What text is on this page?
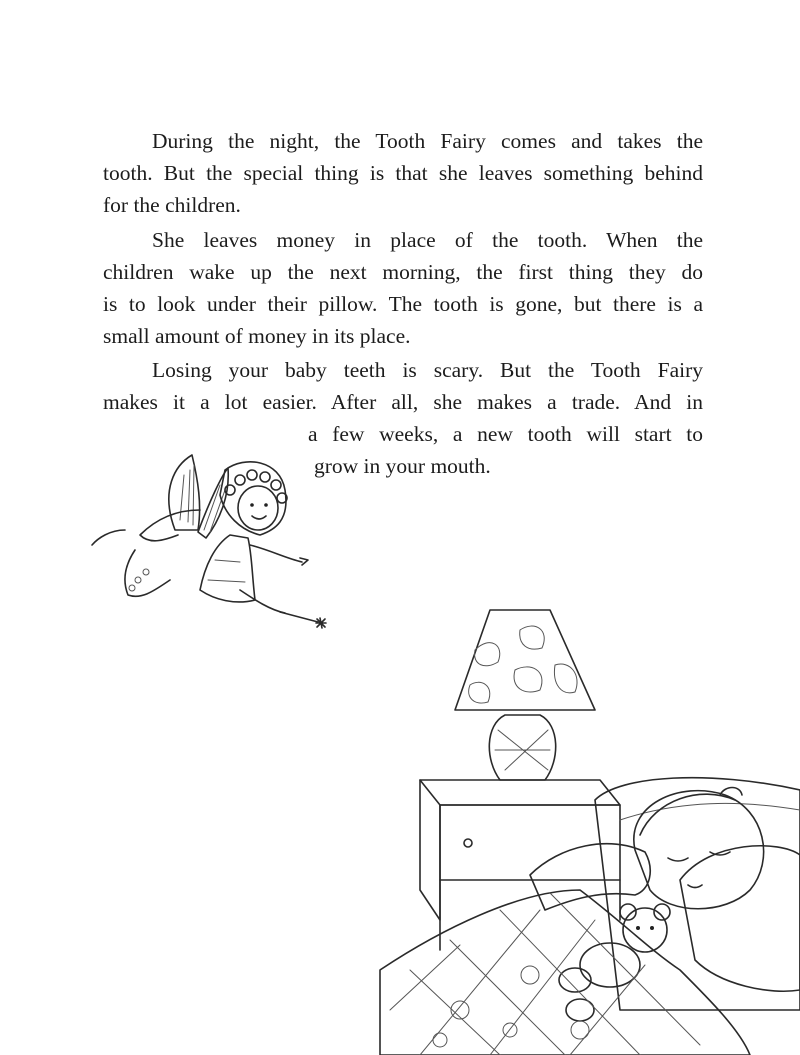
During the night, the Tooth Fairy comes and takes the

tooth. But the special thing is that she leaves something behind

for the children.

She leaves money in place of the tooth. When the

children wake up the next morning, the first thing they do

is to look under their pillow. The tooth is gone, but there is a

small amount of money in its place.

Losing your baby teeth is scary. But the Tooth Fairy

makes it a lot easier. After all, she makes a trade. And in

a few weeks, a new tooth will start to

grow in your mouth.
